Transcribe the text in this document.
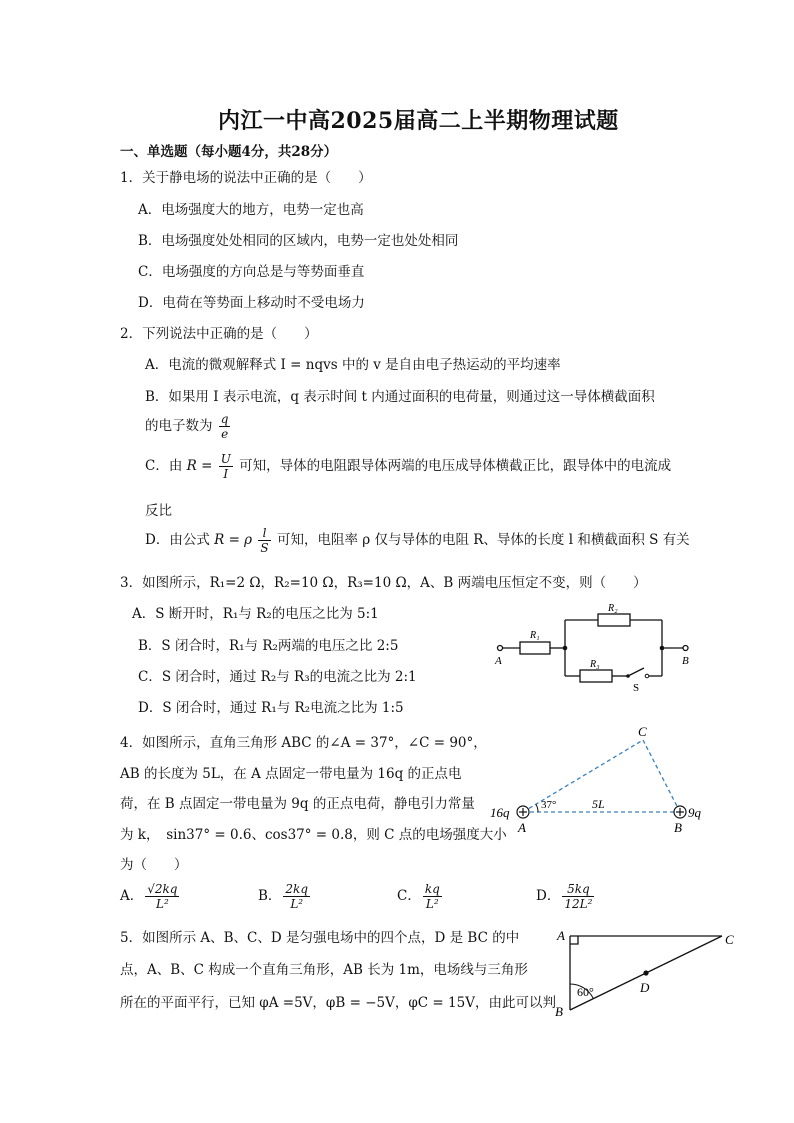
内江一中高2025届高二上半期物理试题
一、单选题（每小题4分，共28分）
1．关于静电场的说法中正确的是（　　）
A．电场强度大的地方，电势一定也高
B．电场强度处处相同的区域内，电势一定也处处相同
C．电场强度的方向总是与等势面垂直
D．电荷在等势面上移动时不受电场力
2．下列说法中正确的是（　　）
A．电流的微观解释式 I = nqvs 中的 v 是自由电子热运动的平均速率
B．如果用 I 表示电流，q 表示时间 t 内通过面积的电荷量，则通过这一导体横截面积
的电子数为 $\frac{q}{e}$
C．由 $R = \frac{U}{I}$ 可知，导体的电阻跟导体两端的电压成导体横截正比，跟导体中的电流成
反比
D．由公式 R = ρ $\frac{l}{S}$ 可知，电阻率 ρ 仅与导体的电阻 R、导体的长度 l 和横截面积 S 有关
3．如图所示，R₁=2 Ω，R₂=10 Ω，R₃=10 Ω，A、B 两端电压恒定不变，则（　　）
A．S 断开时，R₁与 R₂的电压之比为 5:1
B．S 闭合时，R₁与 R₂两端的电压之比 2:5
C．S 闭合时，通过 R₂与 R₃的电流之比为 2:1
D．S 闭合时，通过 R₁与 R₂电流之比为 1:5
R₁
R₂
R₃
A	B
S
4．如图所示，直角三角形 ABC 的∠A = 37°，∠C = 90°，
AB 的长度为 5L，在 A 点固定一带电量为 16q 的正点电
荷，在 B 点固定一带电量为 9q 的正点电荷，静电引力常量
为 k，　sin37° = 0.6、cos37° = 0.8，则 C 点的电场强度大小
为（　　）
A． $\frac{√2kq}{\text{L²}}$	B． $\frac{2kq}{\text{L²}}$	C． $\frac{kq}{\text{L²}}$	D． $\frac{5kq}{\text{12L²}}$
C
A	B
16q	9q
37°	5L
5．如图所示 A、B、C、D 是匀强电场中的四个点，D 是 BC 的中
点，A、B、C 构成一个直角三角形，AB 长为 1m，电场线与三角形
所在的平面平行，已知 φA =5V，φB = −5V，φC = 15V，由此可以判
A
B
C
D
60°
